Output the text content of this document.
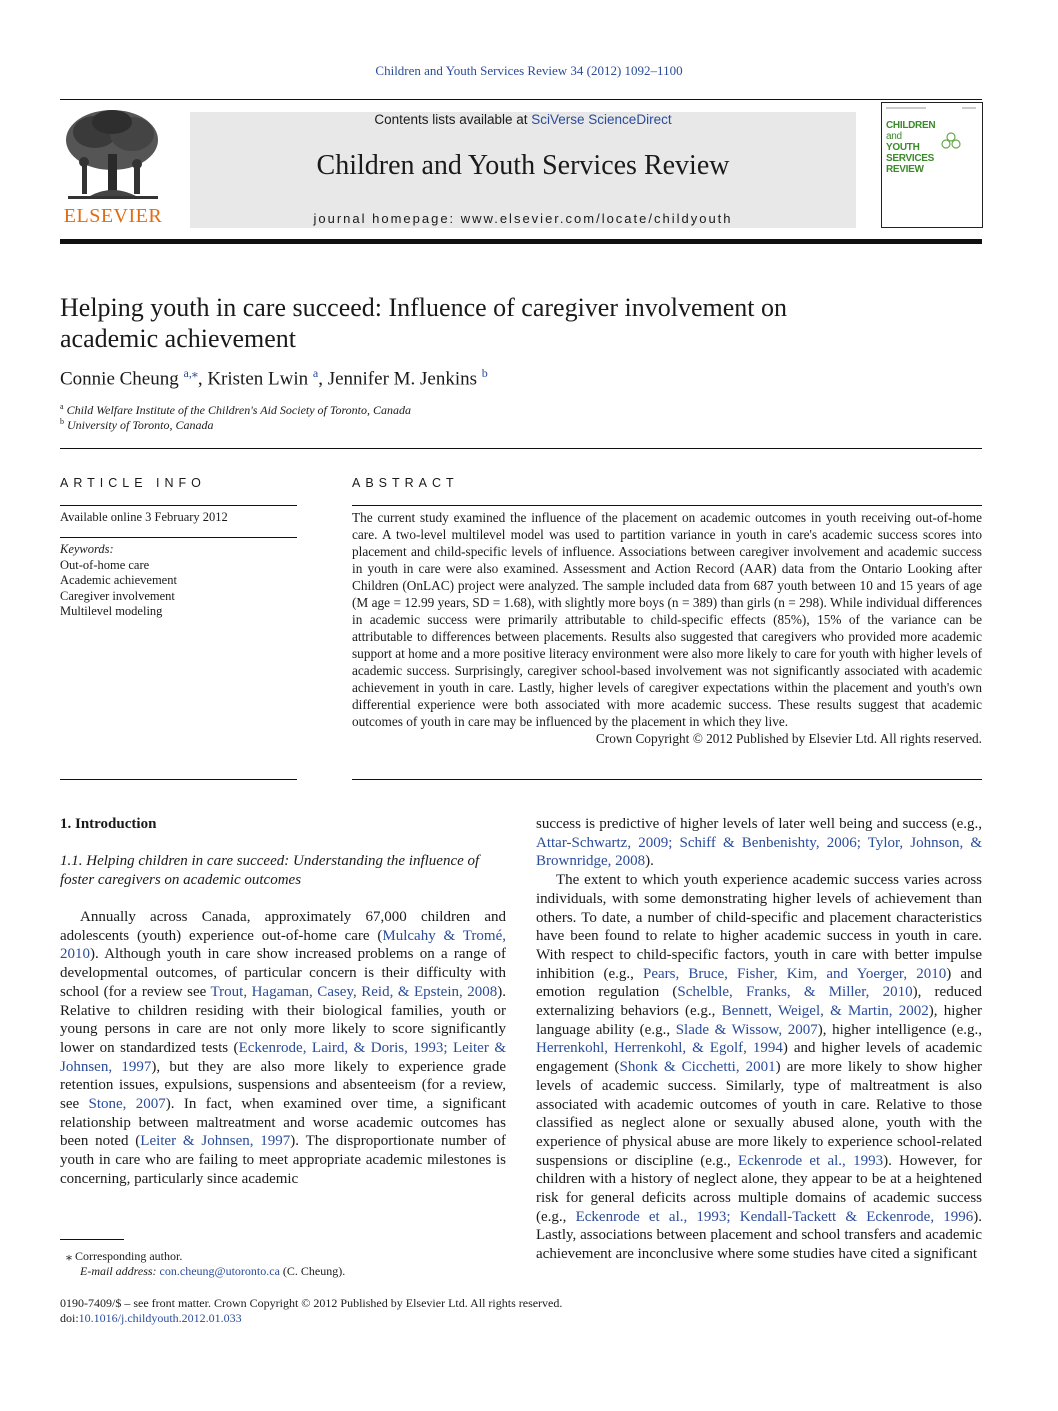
Children and Youth Services Review 34 (2012) 1092–1100
ELSEVIER
Contents lists available at SciVerse ScienceDirect
Children and Youth Services Review
journal homepage: www.elsevier.com/locate/childyouth
CHILDREN
and
YOUTH
SERVICES
REVIEW
Helping youth in care succeed: Influence of caregiver involvement on
academic achievement
Connie Cheung $^{a,⁎}$, Kristen Lwin $^a$, Jennifer M. Jenkins $^b$
$^a$ Child Welfare Institute of the Children's Aid Society of Toronto, Canada
$^b$ University of Toronto, Canada
ARTICLE INFO
Available online 3 February 2012
Keywords:
Out-of-home care
Academic achievement
Caregiver involvement
Multilevel modeling
ABSTRACT
The current study examined the influence of the placement on academic outcomes in youth receiving out-of-home care. A two-level multilevel model was used to partition variance in youth in care's academic success scores into placement and child-specific levels of influence. Associations between caregiver involvement and academic success in youth in care were also examined. Assessment and Action Record (AAR) data from the Ontario Looking after Children (OnLAC) project were analyzed. The sample included data from 687 youth between 10 and 15 years of age (M age = 12.99 years, SD = 1.68), with slightly more boys (n = 389) than girls (n = 298). While individual differences in academic success were primarily attributable to child-specific effects (85%), 15% of the variance can be attributable to differences between placements. Results also suggested that caregivers who provided more academic support at home and a more positive literacy environment were also more likely to care for youth with higher levels of academic success. Surprisingly, caregiver school-based involvement was not significantly associated with academic achievement in youth in care. Lastly, higher levels of caregiver expectations within the placement and youth's own differential experience were both associated with more academic success. These results suggest that academic outcomes of youth in care may be influenced by the placement in which they live.
Crown Copyright © 2012 Published by Elsevier Ltd. All rights reserved.
1. Introduction
1.1. Helping children in care succeed: Understanding the influence of foster caregivers on academic outcomes

Annually across Canada, approximately 67,000 children and adolescents (youth) experience out-of-home care (Mulcahy & Tromé, 2010). Although youth in care show increased problems on a range of developmental outcomes, of particular concern is their difficulty with school (for a review see Trout, Hagaman, Casey, Reid, & Epstein, 2008). Relative to children residing with their biological families, youth or young persons in care are not only more likely to score significantly lower on standardized tests (Eckenrode, Laird, & Doris, 1993; Leiter & Johnsen, 1997), but they are also more likely to experience grade retention issues, expulsions, suspensions and absenteeism (for a review, see Stone, 2007). In fact, when examined over time, a significant relationship between maltreatment and worse academic outcomes has been noted (Leiter & Johnsen, 1997). The disproportionate number of youth in care who are failing to meet appropriate academic milestones is concerning, particularly since academic

success is predictive of higher levels of later well being and success (e.g., Attar-Schwartz, 2009; Schiff & Benbenishty, 2006; Tylor, Johnson, & Brownridge, 2008).

The extent to which youth experience academic success varies across individuals, with some demonstrating higher levels of achievement than others. To date, a number of child-specific and placement characteristics have been found to relate to higher academic success in youth in care. With respect to child-specific factors, youth in care with better impulse inhibition (e.g., Pears, Bruce, Fisher, Kim, and Yoerger, 2010) and emotion regulation (Schelble, Franks, & Miller, 2010), reduced externalizing behaviors (e.g., Bennett, Weigel, & Martin, 2002), higher language ability (e.g., Slade & Wissow, 2007), higher intelligence (e.g., Herrenkohl, Herrenkohl, & Egolf, 1994) and higher levels of academic engagement (Shonk & Cicchetti, 2001) are more likely to show higher levels of academic success. Similarly, type of maltreatment is also associated with academic outcomes of youth in care. Relative to those classified as neglect alone or sexually abused alone, youth with the experience of physical abuse are more likely to experience school-related suspensions or discipline (e.g., Eckenrode et al., 1993). However, for children with a history of neglect alone, they appear to be at a heightened risk for general deficits across multiple domains of academic success (e.g., Eckenrode et al., 1993; Kendall-Tackett & Eckenrode, 1996). Lastly, associations between placement and school transfers and academic achievement are inconclusive where some studies have cited a significant

⁎ Corresponding author.
E-mail address: con.cheung@utoronto.ca (C. Cheung).
0190-7409/$ – see front matter. Crown Copyright © 2012 Published by Elsevier Ltd. All rights reserved.
doi:10.1016/j.childyouth.2012.01.033
